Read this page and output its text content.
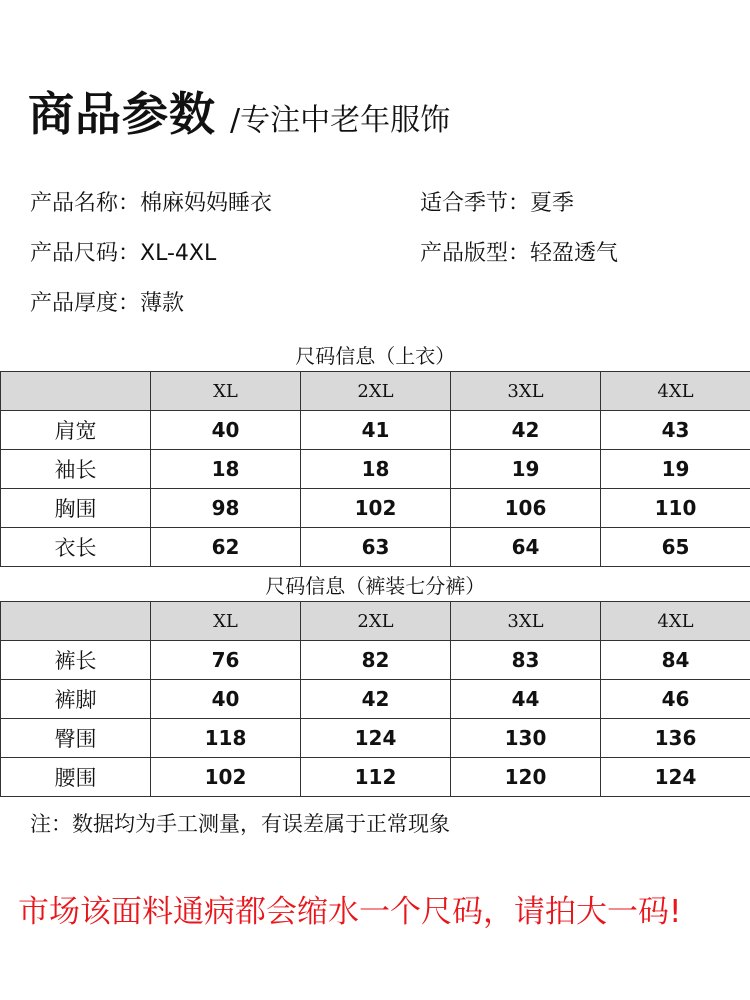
商品参数 /专注中老年服饰
产品名称：棉麻妈妈睡衣	适合季节：夏季
产品尺码：XL-4XL	产品版型：轻盈透气
产品厚度：薄款
尺码信息（上衣）				
	XL	2XL	3XL	4XL
肩宽	40	41	42	43
袖长	18	18	19	19
胸围	98	102	106	110
衣长	62	63	64	65
尺码信息（裤装七分裤）				
	XL	2XL	3XL	4XL
裤长	76	82	83	84
裤脚	40	42	44	46
臀围	118	124	130	136
腰围	102	112	120	124
注：数据均为手工测量，有误差属于正常现象
市场该面料通病都会缩水一个尺码，请拍大一码!
